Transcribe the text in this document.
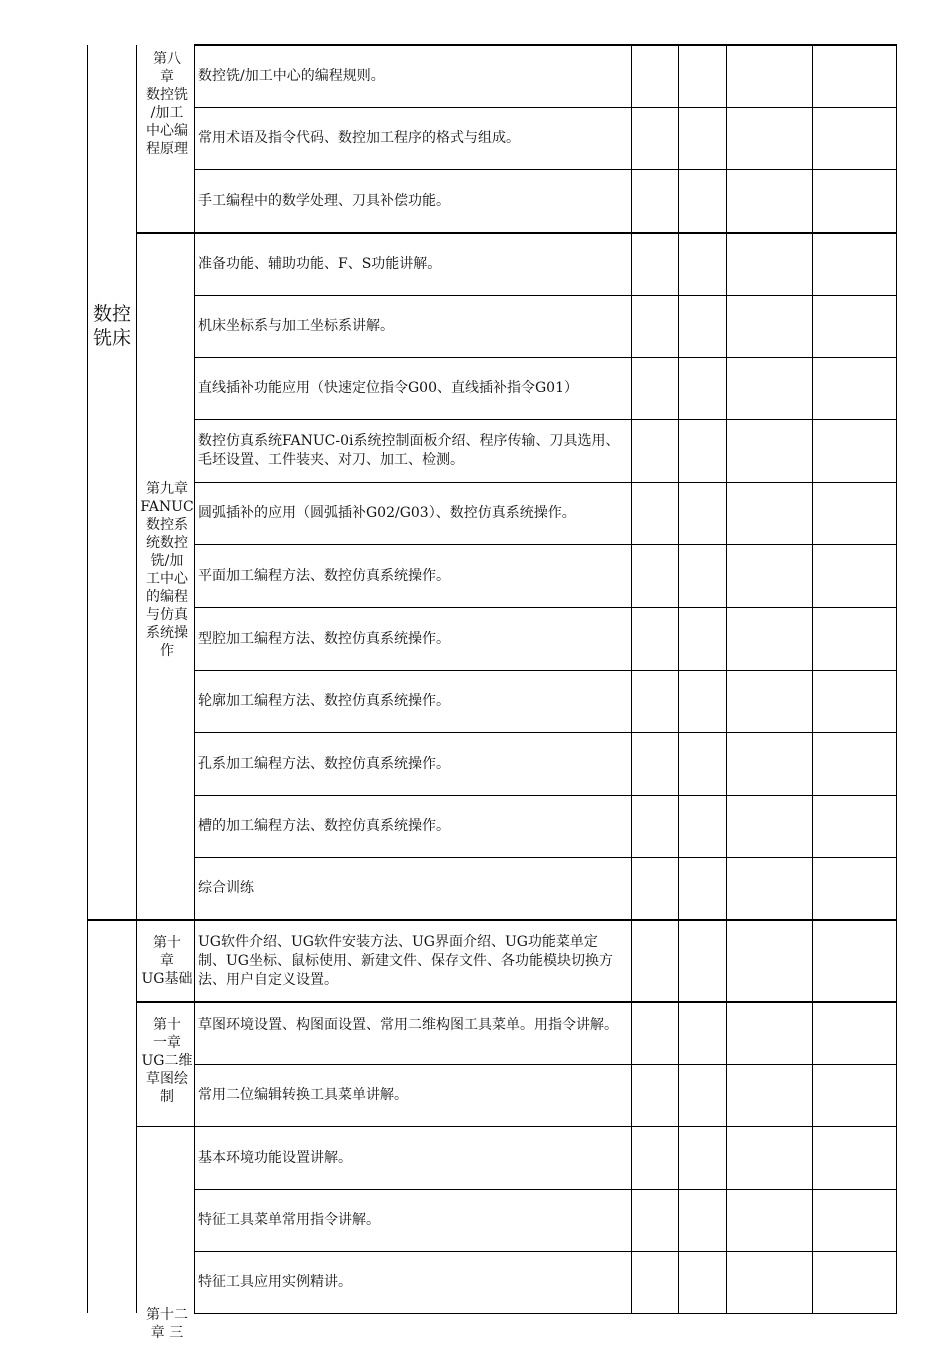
数控
铣床
第八
章
数控铣
/加工
中心编
程原理
第九章
FANUC
数控系
统数控
铣/加
工中心
的编程
与仿真
系统操
作
第十
章
UG基础
第十
一章
UG二维
草图绘
制
第十二
章 三
数控铣/加工中心的编程规则。
常用术语及指令代码、数控加工程序的格式与组成。
手工编程中的数学处理、刀具补偿功能。
准备功能、辅助功能、F、S功能讲解。
机床坐标系与加工坐标系讲解。
直线插补功能应用（快速定位指令G00、直线插补指令G01）
数控仿真系统FANUC-0i系统控制面板介绍、程序传输、刀具选用、毛坯设置、工件装夹、对刀、加工、检测。
圆弧插补的应用（圆弧插补G02/G03）、数控仿真系统操作。
平面加工编程方法、数控仿真系统操作。
型腔加工编程方法、数控仿真系统操作。
轮廓加工编程方法、数控仿真系统操作。
孔系加工编程方法、数控仿真系统操作。
槽的加工编程方法、数控仿真系统操作。
综合训练
UG软件介绍、UG软件安装方法、UG界面介绍、UG功能菜单定制、UG坐标、鼠标使用、新建文件、保存文件、各功能模块切换方法、用户自定义设置。
草图环境设置、构图面设置、常用二维构图工具菜单。用指令讲解。
常用二位编辑转换工具菜单讲解。
基本环境功能设置讲解。
特征工具菜单常用指令讲解。
特征工具应用实例精讲。
